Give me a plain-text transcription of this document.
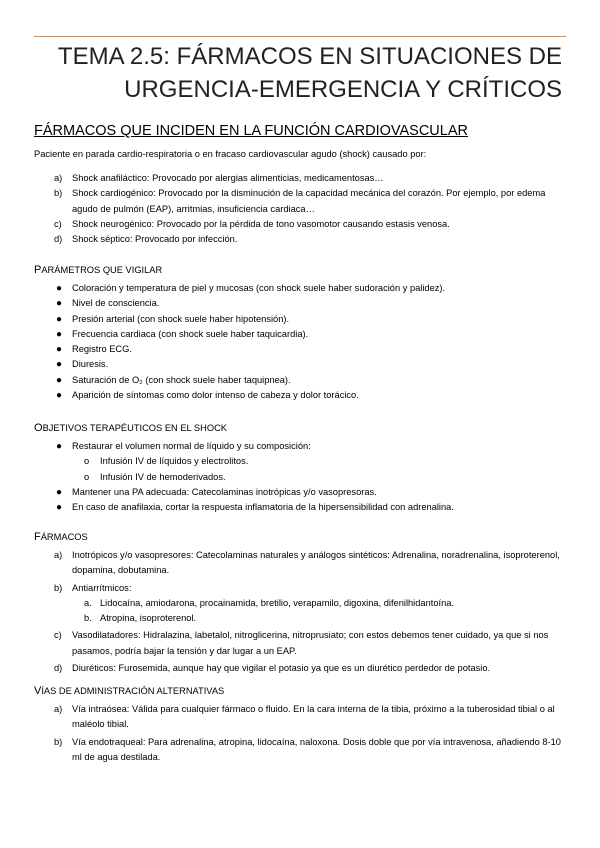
TEMA 2.5: FÁRMACOS EN SITUACIONES DE
URGENCIA-EMERGENCIA Y CRÍTICOS
FÁRMACOS QUE INCIDEN EN LA FUNCIÓN CARDIOVASCULAR
Paciente en parada cardio-respiratoria o en fracaso cardiovascular agudo (shock) causado por:
a) Shock anafiláctico: Provocado por alergias alimenticias, medicamentosas…
b) Shock cardiogénico: Provocado por la disminución de la capacidad mecánica del corazón. Por ejemplo, por edema agudo de pulmón (EAP), arritmias, insuficiencia cardiaca…
c) Shock neurogénico: Provocado por la pérdida de tono vasomotor causando estasis venosa.
d) Shock séptico: Provocado por infección.
PARÁMETROS QUE VIGILAR
● Coloración y temperatura de piel y mucosas (con shock suele haber sudoración y palidez).
● Nivel de consciencia.
● Presión arterial (con shock suele haber hipotensión).
● Frecuencia cardiaca (con shock suele haber taquicardia).
● Registro ECG.
● Diuresis.
● Saturación de O₂ (con shock suele haber taquipnea).
● Aparición de síntomas como dolor intenso de cabeza y dolor torácico.
OBJETIVOS TERAPÉUTICOS EN EL SHOCK
● Restaurar el volumen normal de líquido y su composición:
o Infusión IV de líquidos y electrolitos.
o Infusión IV de hemoderivados.
● Mantener una PA adecuada: Catecolaminas inotrópicas y/o vasopresoras.
● En caso de anafilaxia, cortar la respuesta inflamatoria de la hipersensibilidad con adrenalina.
FÁRMACOS
a) Inotrópicos y/o vasopresores: Catecolaminas naturales y análogos sintéticos: Adrenalina, noradrenalina, isoproterenol, dopamina, dobutamina.
b) Antiarrítmicos:
a. Lidocaína, amiodarona, procainamida, bretilio, verapamilo, digoxina, difenilhidantoína.
b. Atropina, isoproterenol.
c) Vasodilatadores: Hidralazina, labetalol, nitroglicerina, nitroprusiato; con estos debemos tener cuidado, ya que si nos pasamos, podría bajar la tensión y dar lugar a un EAP.
d) Diuréticos: Furosemida, aunque hay que vigilar el potasio ya que es un diurético perdedor de potasio.
VÍAS DE ADMINISTRACIÓN ALTERNATIVAS
a) Vía intraósea: Válida para cualquier fármaco o fluido. En la cara interna de la tibia, próximo a la tuberosidad tibial o al maléolo tibial.
b) Vía endotraqueal: Para adrenalina, atropina, lidocaína, naloxona. Dosis doble que por vía intravenosa, añadiendo 8-10 ml de agua destilada.
